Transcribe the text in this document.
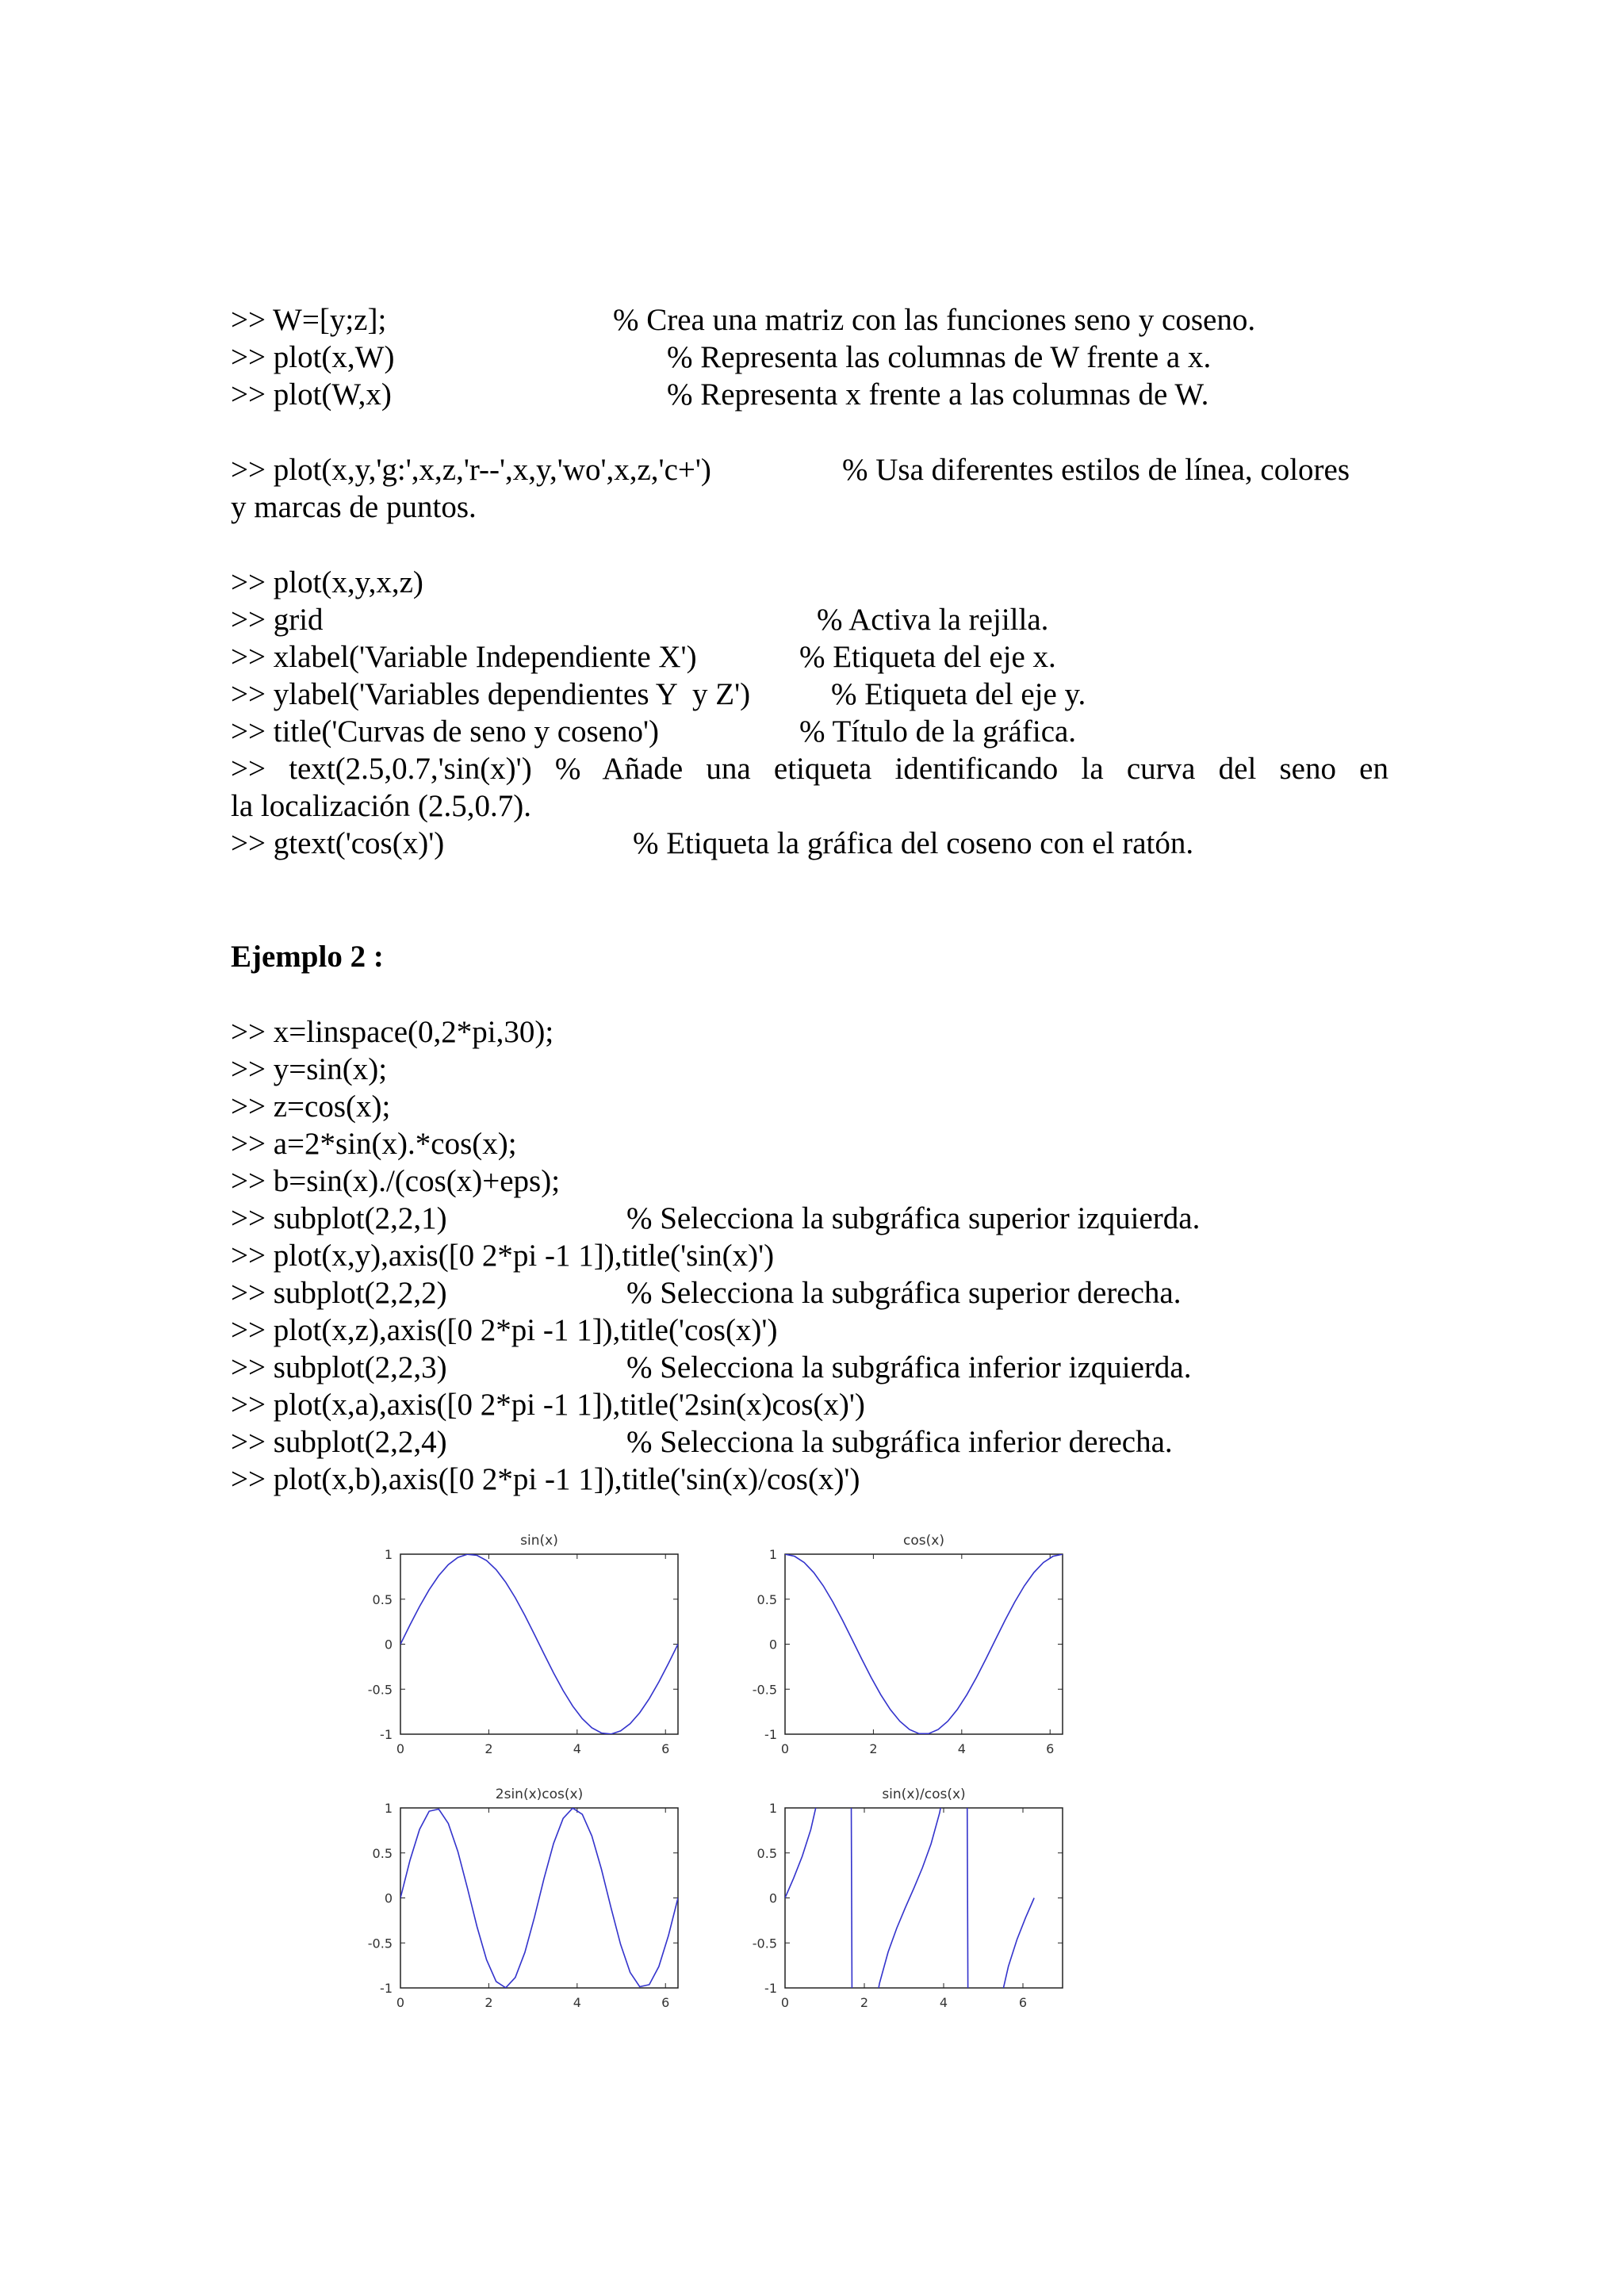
>> W=[y;z];	% Crea una matriz con las funciones seno y coseno.
>> plot(x,W)	% Representa las columnas de W frente a x.
>> plot(W,x)	% Representa x frente a las columnas de W.
>> plot(x,y,'g:',x,z,'r--',x,y,'wo',x,z,'c+')	% Usa diferentes estilos de línea, colores
y marcas de puntos.
>> plot(x,y,x,z)
>> grid	% Activa la rejilla.
>> xlabel('Variable Independiente X')	% Etiqueta del eje x.
>> ylabel('Variables dependientes Y  y Z')	% Etiqueta del eje y.
>> title('Curvas de seno y coseno')	% Título de la gráfica.
>> text(2.5,0.7,'sin(x)') % Añade una etiqueta identificando la curva del seno en
la localización (2.5,0.7).
>> gtext('cos(x)')	% Etiqueta la gráfica del coseno con el ratón.
Ejemplo 2 :
>> x=linspace(0,2*pi,30);
>> y=sin(x);
>> z=cos(x);
>> a=2*sin(x).*cos(x);
>> b=sin(x)./(cos(x)+eps);
>> subplot(2,2,1)	% Selecciona la subgráfica superior izquierda.
>> plot(x,y),axis([0 2*pi -1 1]),title('sin(x)')
>> subplot(2,2,2)	% Selecciona la subgráfica superior derecha.
>> plot(x,z),axis([0 2*pi -1 1]),title('cos(x)')
>> subplot(2,2,3)	% Selecciona la subgráfica inferior izquierda.
>> plot(x,a),axis([0 2*pi -1 1]),title('2sin(x)cos(x)')
>> subplot(2,2,4)	% Selecciona la subgráfica inferior derecha.
>> plot(x,b),axis([0 2*pi -1 1]),title('sin(x)/cos(x)')
sin(x)
1
0.5
0
-0.5
-1
0	2	4	6
cos(x)
1
0.5
0
-0.5
-1
0	2	4	6
2sin(x)cos(x)
1
0.5
0
-0.5
-1
0	2	4	6
sin(x)/cos(x)
1
0.5
0
-0.5
-1
0	2	4	6
